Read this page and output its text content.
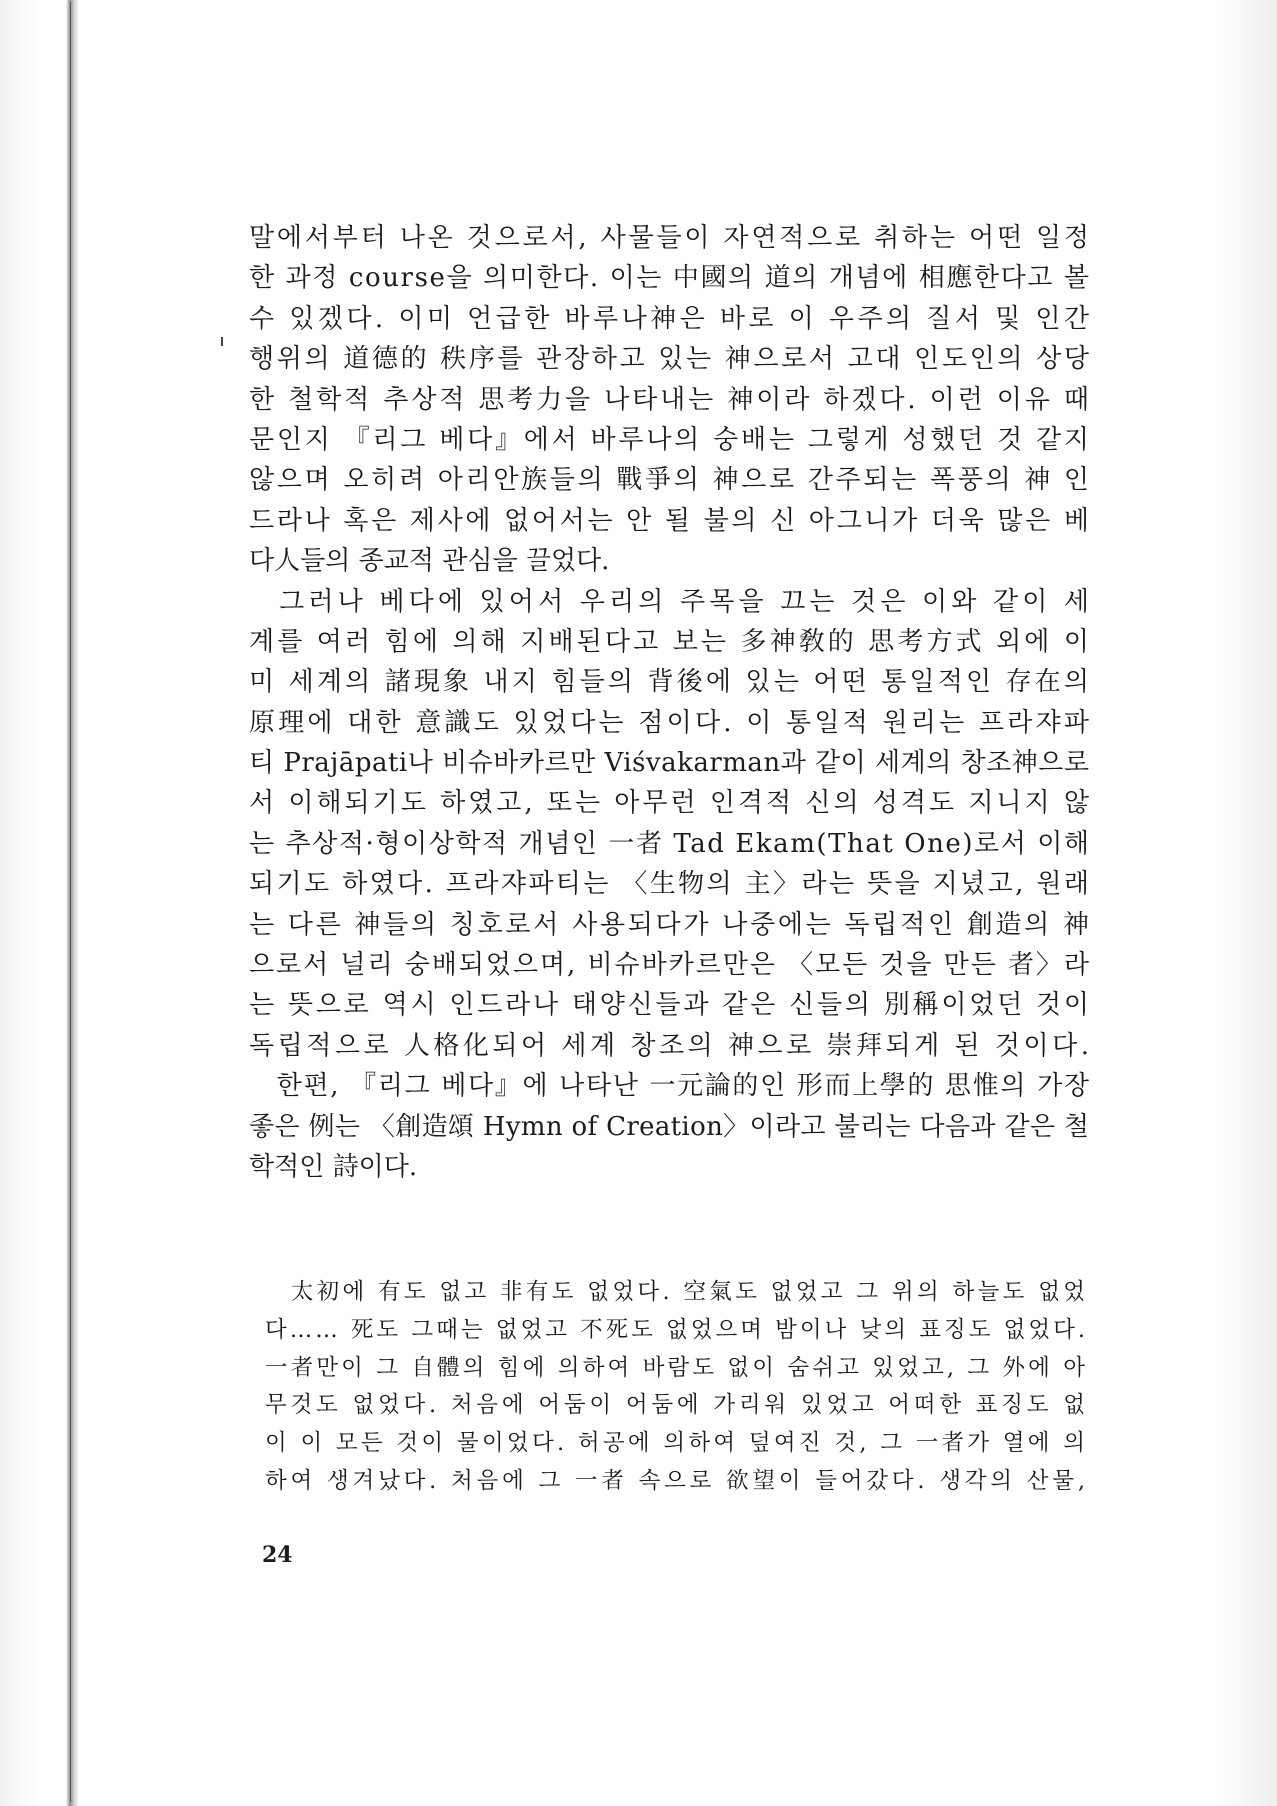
말에서부터 나온 것으로서, 사물들이 자연적으로 취하는 어떤 일정
한 과정 course을 의미한다. 이는 中國의 道의 개념에 相應한다고 볼
수 있겠다. 이미 언급한 바루나神은 바로 이 우주의 질서 및 인간
행위의 道德的 秩序를 관장하고 있는 神으로서 고대 인도인의 상당
한 철학적 추상적 思考力을 나타내는 神이라 하겠다. 이런 이유 때
문인지 『리그 베다』에서 바루나의 숭배는 그렇게 성했던 것 같지
않으며 오히려 아리안族들의 戰爭의 神으로 간주되는 폭풍의 神 인
드라나 혹은 제사에 없어서는 안 될 불의 신 아그니가 더욱 많은 베
다人들의 종교적 관심을 끌었다.
　그러나 베다에 있어서 우리의 주목을 끄는 것은 이와 같이 세
계를 여러 힘에 의해 지배된다고 보는 多神敎的 思考方式 외에 이
미 세계의 諸現象 내지 힘들의 背後에 있는 어떤 통일적인 存在의
原理에 대한 意識도 있었다는 점이다. 이 통일적 원리는 프라쟈파
티 Prajāpati나 비슈바카르만 Viśvakarman과 같이 세계의 창조神으로
서 이해되기도 하였고, 또는 아무런 인격적 신의 성격도 지니지 않
는 추상적·형이상학적 개념인 一者 Tad Ekam(That One)로서 이해
되기도 하였다. 프라쟈파티는 〈生物의 主〉라는 뜻을 지녔고, 원래
는 다른 神들의 칭호로서 사용되다가 나중에는 독립적인 創造의 神
으로서 널리 숭배되었으며, 비슈바카르만은 〈모든 것을 만든 者〉라
는 뜻으로 역시 인드라나 태양신들과 같은 신들의 別稱이었던 것이
독립적으로 人格化되어 세계 창조의 神으로 崇拜되게 된 것이다.
　한편, 『리그 베다』에 나타난 一元論的인 形而上學的 思惟의 가장
좋은 例는 〈創造頌 Hymn of Creation〉이라고 불리는 다음과 같은 철
학적인 詩이다.
　太初에 有도 없고 非有도 없었다. 空氣도 없었고 그 위의 하늘도 없었
다…… 死도 그때는 없었고 不死도 없었으며 밤이나 낮의 표징도 없었다.
一者만이 그 自體의 힘에 의하여 바람도 없이 숨쉬고 있었고, 그 外에 아
무것도 없었다. 처음에 어둠이 어둠에 가리워 있었고 어떠한 표징도 없
이 이 모든 것이 물이었다. 허공에 의하여 덮여진 것, 그 一者가 열에 의
하여 생겨났다. 처음에 그 一者 속으로 欲望이 들어갔다. 생각의 산물,
24
